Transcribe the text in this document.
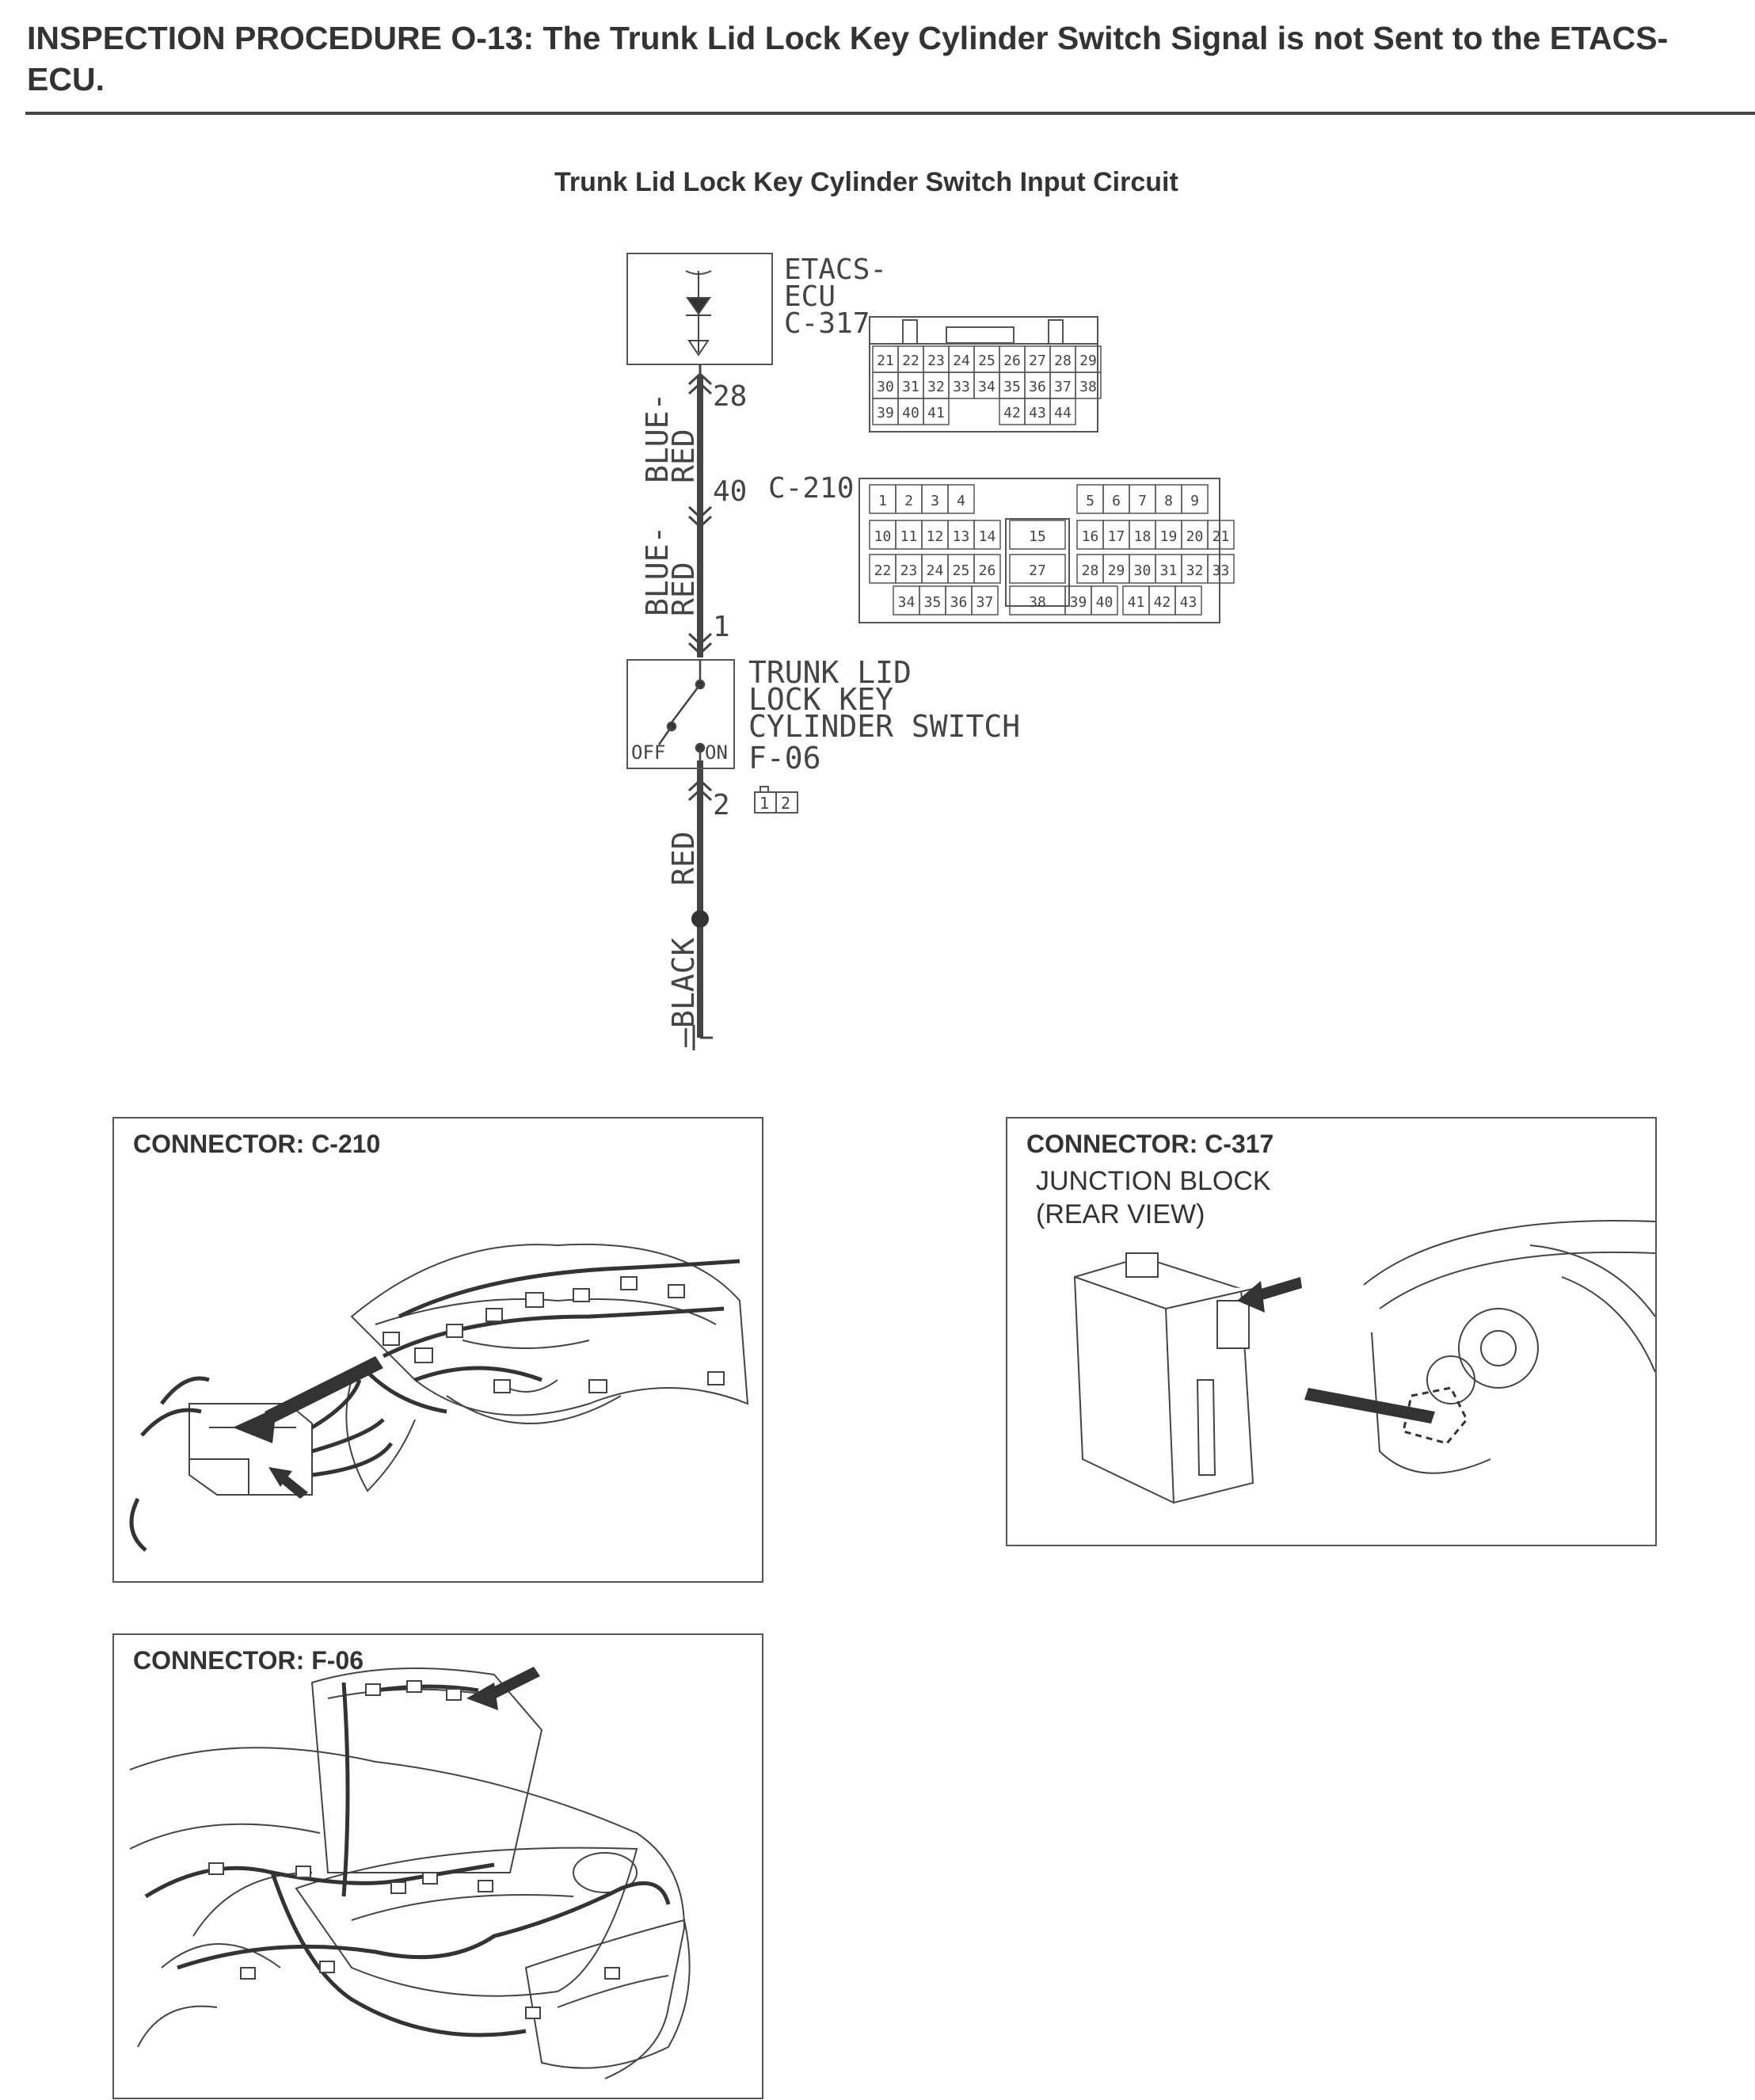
INSPECTION PROCEDURE O-13: The Trunk Lid Lock Key Cylinder Switch Signal is not Sent to the ETACS-ECU.
Trunk Lid Lock Key Cylinder Switch Input Circuit
ETACS-
ECU
C-317
21 22 23 24 25 26 27 28 29
30 31 32 33 34 35 36 37 38
39 40 41	42 43 44
28
40 C-210
1
2
BLUE-
RED
BLUE-
RED
RED
BLACK
1 2 3 4	5 6 7 8 9
10 11 12 13 14 15 16 17 18 19 20 21
22 23 24 25 26 27 28 29 30 31 32 33
34 35 36 37 38 39 40 41 42 43
OFF ON
TRUNK LID
LOCK KEY
CYLINDER SWITCH
F-06
1 2
CONNECTOR: C-210	CONNECTOR: C-317
JUNCTION BLOCK
(REAR VIEW)
CONNECTOR: F-06
